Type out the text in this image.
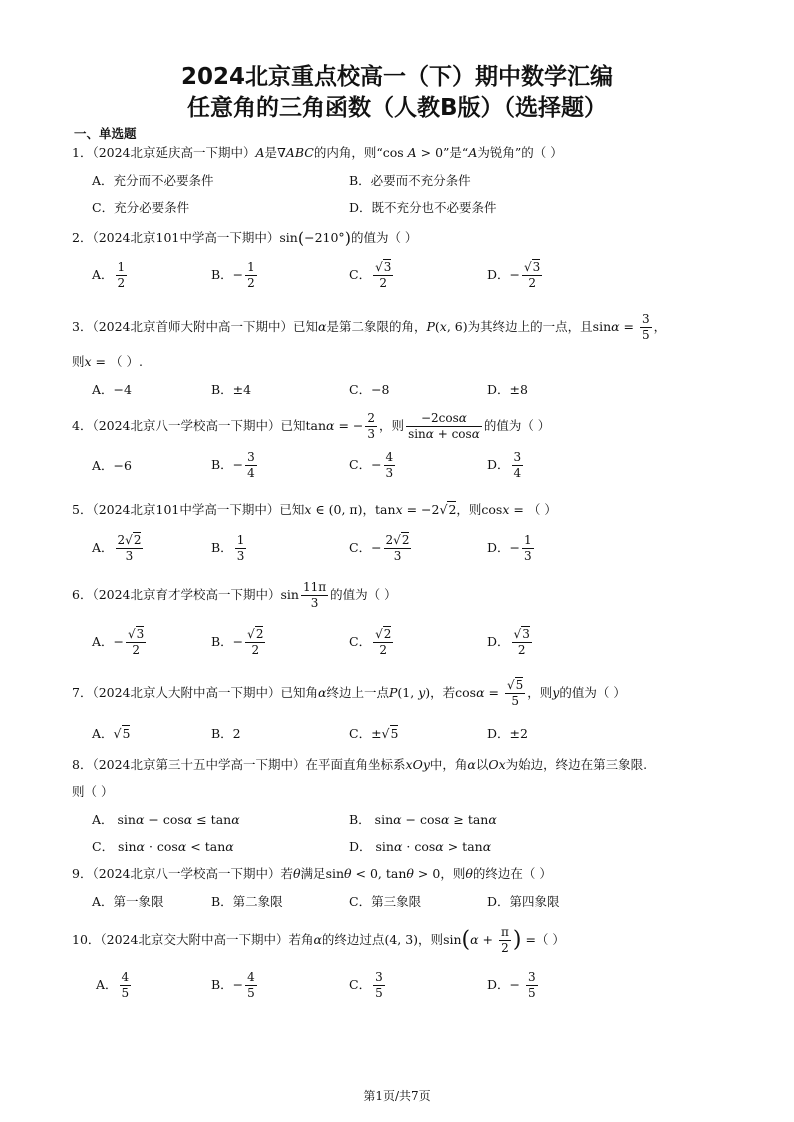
2024北京重点校高一（下）期中数学汇编
任意角的三角函数（人教B版）（选择题）
一、单选题
1．（2024北京延庆高一下期中）A是∇ABC的内角，则“cos A > 0”是“A为锐角”的（ ）
A．充分而不必要条件	B．必要而不充分条件
C．充分必要条件	D．既不充分也不必要条件
2．（2024北京101中学高一下期中）sin(−210°)的值为（ ）
A． $\frac{1}{2}$	B．− $\frac{1}{2}$	C． $\frac{√3}{2}$	D．− $\frac{√3}{2}$
3．（2024北京首师大附中高一下期中）已知α是第二象限的角，P(x, 6)为其终边上的一点，且$\sin\alpha = \frac{3}{5}$ ，
则x = （ ）.
A．−4	B．±4	C．−8	D．±8
4．（2024北京八一学校高一下期中）已知tanα = − $\frac{2}{3}$ ，则 $\frac{-2\cos\alpha}{\sin\alpha + \cos\alpha}$ 的值为（ ）
A．−6	B．− $\frac{3}{4}$	C．− $\frac{4}{3}$	D． $\frac{3}{4}$
5．（2024北京101中学高一下期中）已知x ∈ (0, π)，tanx = −2√2，则cosx = （ ）
A． $\frac{2√2}{3}$	B． $\frac{1}{3}$	C．− $\frac{2√2}{3}$	D．− $\frac{1}{3}$
6．（2024北京育才学校高一下期中）$\sin \frac{11\pi}{3}$ 的值为（ ）
A．− $\frac{√3}{2}$	B．− $\frac{√2}{2}$	C． $\frac{√2}{2}$	D． $\frac{√3}{2}$
7．（2024北京人大附中高一下期中）已知角α终边上一点P(1, y)，若$\cos\alpha = \frac{√5}{5}$ ，则y的值为（ ）
A．√5	B．2	C．±√5	D．±2
8．（2024北京第三十五中学高一下期中）在平面直角坐标系xOy中，角α以Ox为始边，终边在第三象限.
则（ ）
A． sinα − cosα ≤ tanα	B． sinα − cosα ≥ tanα
C． sinα · cosα < tanα	D． sinα · cosα > tanα
9．（2024北京八一学校高一下期中）若θ满足sinθ < 0, tanθ > 0，则θ的终边在（ ）
A．第一象限	B．第二象限	C．第三象限	D．第四象限
10．（2024北京交大附中高一下期中）若角α的终边过点(4, 3)，则$\sin(\alpha + \frac{\pi}{2}$ ) =（ ）
A． $\frac{4}{5}$	B．− $\frac{4}{5}$	C． $\frac{3}{5}$	D．− $\frac{3}{5}$
第1页/共7页
